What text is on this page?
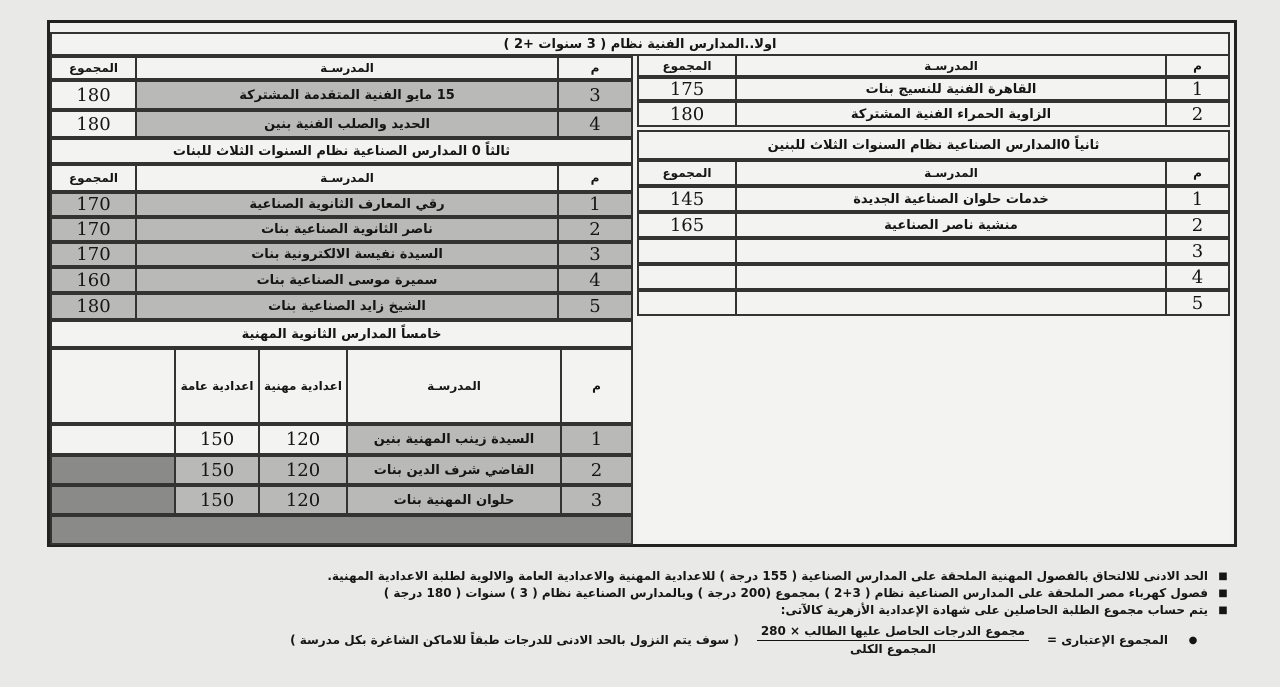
اولا..المدارس الفنية نظام ( 3 سنوات +2 )
م
المدرسـة
المجموع
1
القاهرة الفنية للنسيج بنات
175
2
الزاوية الحمراء الفنية المشتركة
180
م
المدرسـة
المجموع
3
15 مايو الفنية المتقدمة المشتركة
180
4
الحديد والصلب الفنية بنين
180
ثانياً 0المدارس الصناعية نظام السنوات الثلاث للبنين
م
المدرسـة
المجموع
1
خدمات حلوان الصناعية الجديدة
145
2
منشية ناصر الصناعية
165
3
4
5
ثالثاً 0 المدارس الصناعية نظام السنوات الثلاث للبنات
م
المدرسـة
المجموع
1
رقي المعارف الثانوية الصناعية
170
2
ناصر الثانوية الصناعية بنات
170
3
السيدة نفيسة الالكترونية بنات
170
4
سميرة موسى الصناعية بنات
160
5
الشيخ زايد الصناعية بنات
180
خامساً المدارس الثانوية المهنية
م
المدرسـة
اعدادية مهنية
اعدادية عامة
1
السيدة زينب المهنية بنين
120
150
2
القاضي شرف الدين بنات
120
150
3
حلوان المهنية بنات
120
150
■
الحد الادنى للالتحاق بالفصول المهنية الملحقة على المدارس الصناعية ( 155 درجة ) للاعدادية المهنية والاعدادية العامة والالوية لطلبة الاعدادية المهنية.
■
فصول كهرباء مصر الملحقة على المدارس الصناعية نظام ( 3+2 ) بمجموع (200 درجة ) وبالمدارس الصناعية نظام ( 3 ) سنوات ( 180 درجة )
■
يتم حساب مجموع الطلبة الحاصلين على شهادة الإعدادية الأزهرية كالآتى:
●
المجموع الإعتبارى =
$\frac{\text{مجموع الدرجات الحاصل عليها الطالب × 280}}{\text{المجموع الكلى}}$
( سوف يتم النزول بالحد الادنى للدرجات طبقاً للاماكن الشاغرة بكل مدرسة )
